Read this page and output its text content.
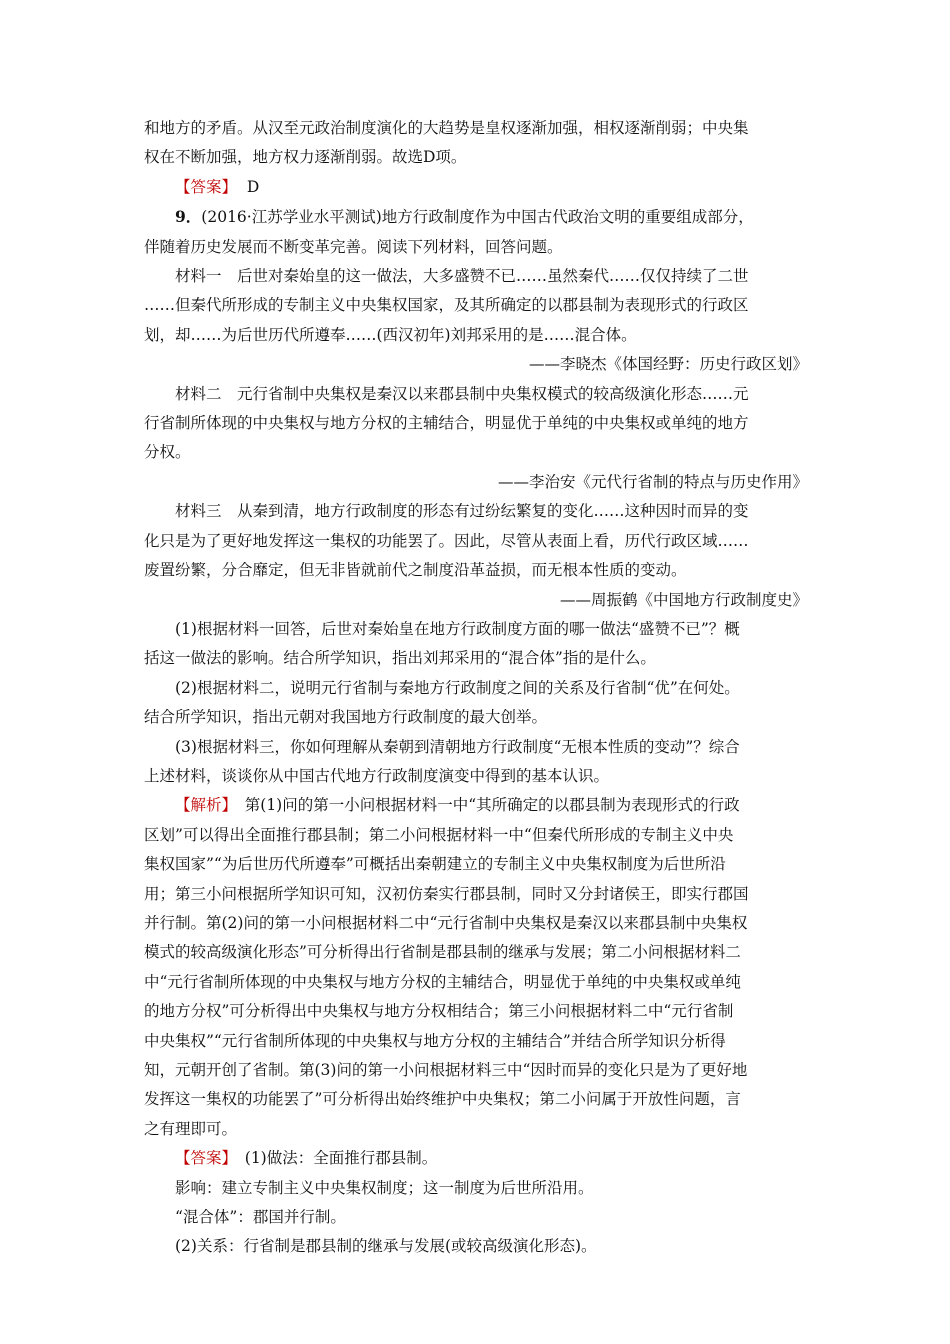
和地方的矛盾。从汉至元政治制度演化的大趋势是皇权逐渐加强，相权逐渐削弱；中央集

权在不断加强，地方权力逐渐削弱。故选D项。

【答案】  D

9．(2016·江苏学业水平测试)地方行政制度作为中国古代政治文明的重要组成部分，

伴随着历史发展而不断变革完善。阅读下列材料，回答问题。

材料一　后世对秦始皇的这一做法，大多盛赞不已……虽然秦代……仅仅持续了二世

……但秦代所形成的专制主义中央集权国家，及其所确定的以郡县制为表现形式的行政区

划，却……为后世历代所遵奉……(西汉初年)刘邦采用的是……混合体。

——李晓杰《体国经野：历史行政区划》

材料二　元行省制中央集权是秦汉以来郡县制中央集权模式的较高级演化形态……元

行省制所体现的中央集权与地方分权的主辅结合，明显优于单纯的中央集权或单纯的地方

分权。

——李治安《元代行省制的特点与历史作用》

材料三　从秦到清，地方行政制度的形态有过纷纭繁复的变化……这种因时而异的变

化只是为了更好地发挥这一集权的功能罢了。因此，尽管从表面上看，历代行政区域……

废置纷繁，分合靡定，但无非皆就前代之制度沿革益损，而无根本性质的变动。

——周振鹤《中国地方行政制度史》

(1)根据材料一回答，后世对秦始皇在地方行政制度方面的哪一做法“盛赞不已”？概

括这一做法的影响。结合所学知识，指出刘邦采用的“混合体”指的是什么。

(2)根据材料二，说明元行省制与秦地方行政制度之间的关系及行省制“优”在何处。

结合所学知识，指出元朝对我国地方行政制度的最大创举。

(3)根据材料三，你如何理解从秦朝到清朝地方行政制度“无根本性质的变动”？综合

上述材料，谈谈你从中国古代地方行政制度演变中得到的基本认识。

【解析】　第(1)问的第一小问根据材料一中“其所确定的以郡县制为表现形式的行政

区划”可以得出全面推行郡县制；第二小问根据材料一中“但秦代所形成的专制主义中央

集权国家”“为后世历代所遵奉”可概括出秦朝建立的专制主义中央集权制度为后世所沿

用；第三小问根据所学知识可知，汉初仿秦实行郡县制，同时又分封诸侯王，即实行郡国

并行制。第(2)问的第一小问根据材料二中“元行省制中央集权是秦汉以来郡县制中央集权

模式的较高级演化形态”可分析得出行省制是郡县制的继承与发展；第二小问根据材料二

中“元行省制所体现的中央集权与地方分权的主辅结合，明显优于单纯的中央集权或单纯

的地方分权”可分析得出中央集权与地方分权相结合；第三小问根据材料二中“元行省制

中央集权”“元行省制所体现的中央集权与地方分权的主辅结合”并结合所学知识分析得

知，元朝开创了省制。第(3)问的第一小问根据材料三中“因时而异的变化只是为了更好地

发挥这一集权的功能罢了”可分析得出始终维护中央集权；第二小问属于开放性问题，言

之有理即可。

【答案】　(1)做法：全面推行郡县制。

影响：建立专制主义中央集权制度；这一制度为后世所沿用。

“混合体”：郡国并行制。

(2)关系：行省制是郡县制的继承与发展(或较高级演化形态)。
